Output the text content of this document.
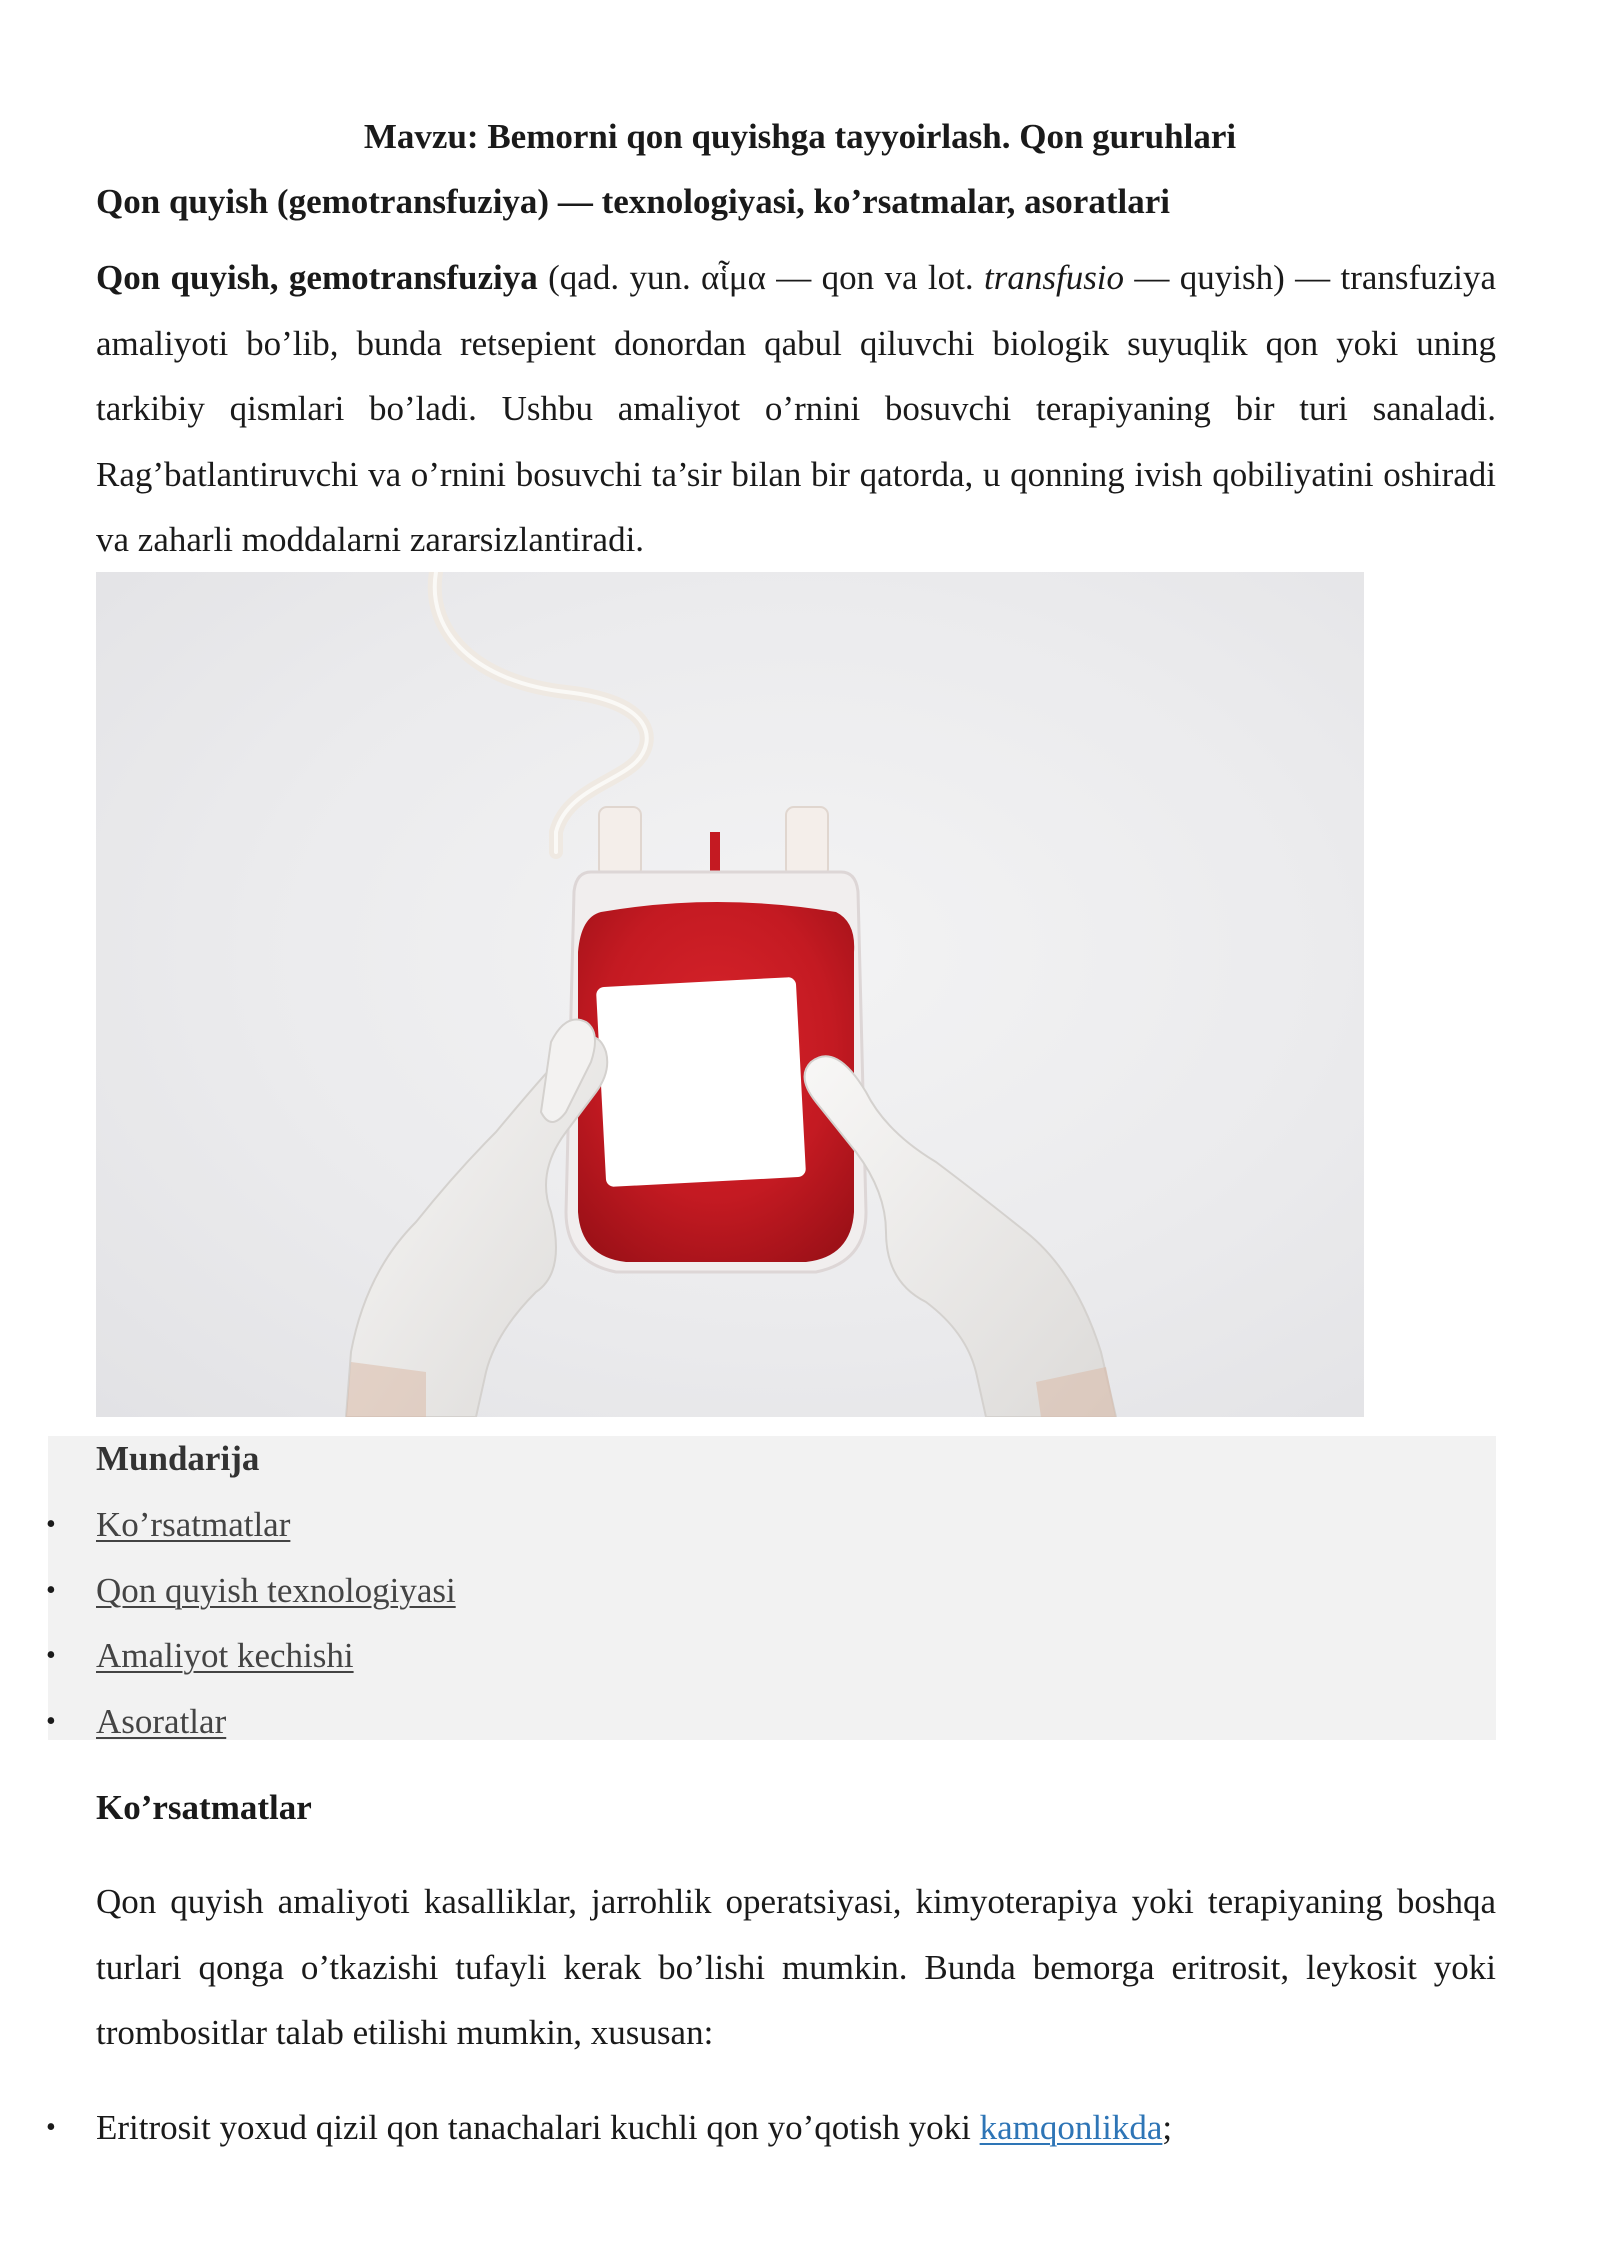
Mavzu: Bemorni qon quyishga tayyoirlash. Qon guruhlari
Qon quyish (gemotransfuziya) — texnologiyasi, ko’rsatmalar, asoratlari

Qon quyish, gemotransfuziya (qad. yun. αἷμα — qon va lot. transfusio — quyish) — transfuziya amaliyoti bo’lib, bunda retsepient donordan qabul qiluvchi biologik suyuqlik qon yoki uning tarkibiy qismlari bo’ladi. Ushbu amaliyot o’rnini bosuvchi terapiyaning bir turi sanaladi. Rag’batlantiruvchi va o’rnini bosuvchi ta’sir bilan bir qatorda, u qonning ivish qobiliyatini oshiradi va zaharli moddalarni zararsizlantiradi.

Mundarija
• Ko’rsatmatlar
• Qon quyish texnologiyasi
• Amaliyot kechishi
• Asoratlar
Ko’rsatmatlar

Qon quyish amaliyoti kasalliklar, jarrohlik operatsiyasi, kimyoterapiya yoki terapiyaning boshqa turlari qonga o’tkazishi tufayli kerak bo’lishi mumkin. Bunda bemorga eritrosit, leykosit yoki trombositlar talab etilishi mumkin, xususan:

• Eritrosit yoxud qizil qon tanachalari kuchli qon yo’qotish yoki kamqonlikda;
